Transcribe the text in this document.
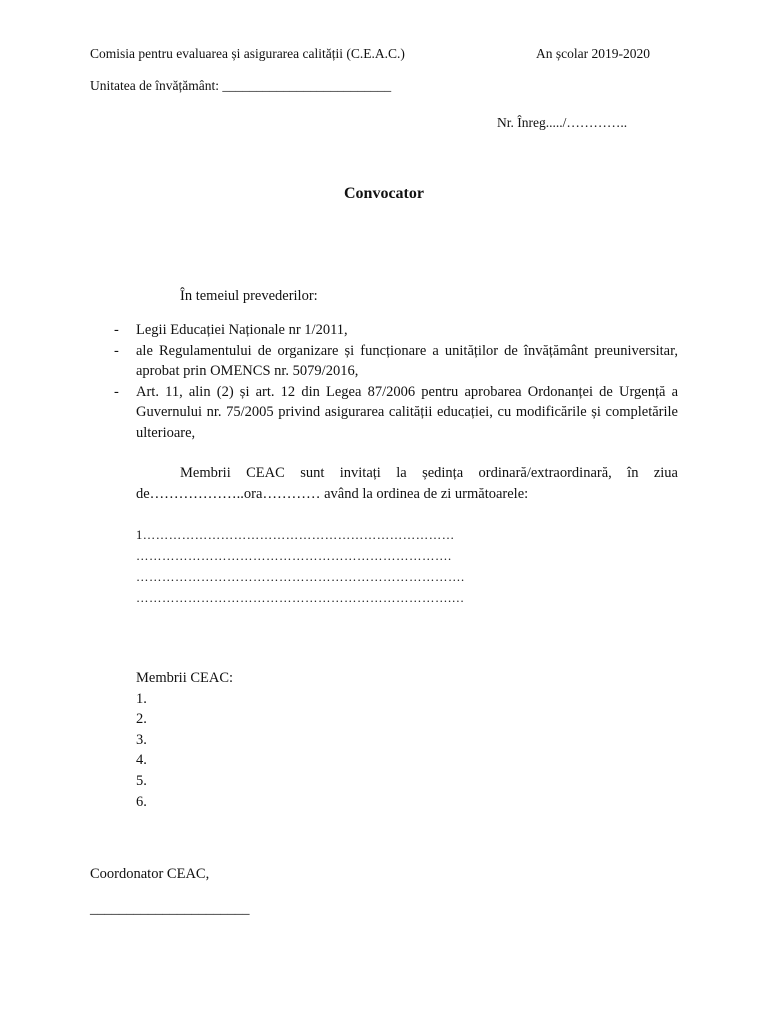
Comisia pentru evaluarea și asigurarea calității (C.E.A.C.)	An școlar 2019-2020
Unitatea de învățământ: _________________________
Nr. Înreg...../…………..
Convocator
În temeiul prevederilor:
- Legii Educației Naționale nr 1/2011,
- ale Regulamentului de organizare și funcționare a unităților de învățământ preuniversitar, aprobat prin OMENCS nr. 5079/2016,
- Art. 11, alin (2) și art. 12 din Legea 87/2006 pentru aprobarea Ordonanței de Urgență a Guvernului nr. 75/2005 privind asigurarea calității educației, cu modificările și completările ulterioare,
Membrii CEAC sunt invitați la ședința ordinară/extraordinară, în ziua de………………..ora………… având la ordinea de zi următoarele:
1………………………………………………………………
……………………………………………………………….
………………………………………………………………….
……………………………………………………………….…
Membrii CEAC:
1.
2.
3.
4.
5.
6.
Coordonator CEAC,
______________________
